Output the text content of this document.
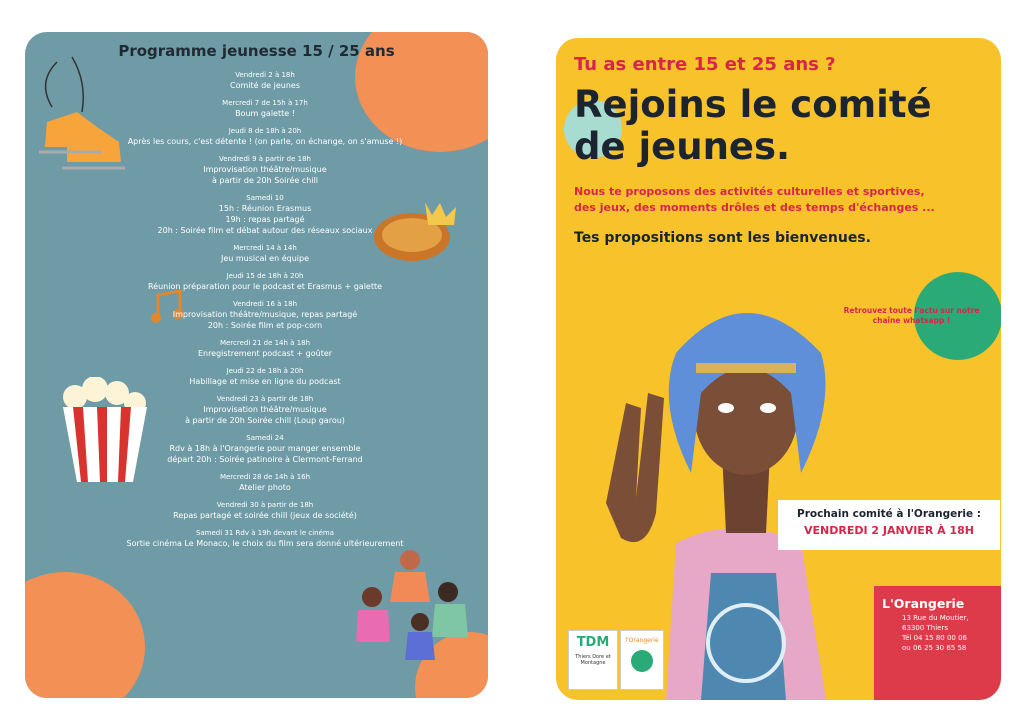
Programme jeunesse 15 / 25 ans
Vendredi 2 à 18h
Comité de jeunes
Mercredi 7 de 15h à 17h
Boum galette !
Jeudi 8 de 18h à 20h
Après les cours, c'est détente ! (on parle, on échange, on s'amuse !)
Vendredi 9 à partir de 18h
Improvisation théâtre/musique
à partir de 20h Soirée chill
Samedi 10
15h : Réunion Erasmus
19h : repas partagé
20h : Soirée film et débat autour des réseaux sociaux
Mercredi 14 à 14h
Jeu musical en équipe
Jeudi 15 de 18h à 20h
Réunion préparation pour le podcast et Erasmus + galette
Vendredi 16 à 18h
Improvisation théâtre/musique, repas partagé
20h : Soirée film et pop-corn
Mercredi 21 de 14h à 18h
Enregistrement podcast + goûter
Jeudi 22 de 18h à 20h
Habillage et mise en ligne du podcast
Vendredi 23 à partir de 18h
Improvisation théâtre/musique
à partir de 20h Soirée chill (Loup garou)
Samedi 24
Rdv à 18h à l'Orangerie pour manger ensemble
départ 20h : Soirée patinoire à Clermont-Ferrand
Mercredi 28 de 14h à 16h
Atelier photo
Vendredi 30 à partir de 18h
Repas partagé et soirée chill (jeux de société)
Samedi 31 Rdv à 19h devant le cinéma
Sortie cinéma Le Monaco, le choix du film sera donné ultérieurement
Tu as entre 15 et 25 ans ?
Rejoins le comité
de jeunes.
Nous te proposons des activités culturelles et sportives,
des jeux, des moments drôles et des temps d'échanges ...
Tes propositions sont les bienvenues.
Retrouvez toute l'actu sur notre
chaîne whatsapp !
Prochain comité à l'Orangerie :
VENDREDI 2 JANVIER À 18H
L'Orangerie
13 Rue du Moutier,
63300 Thiers
Tél 04 15 80 00 06
ou 06 25 30 65 58
TDM
Thiers Dore et Montagne
l'Orangerie
